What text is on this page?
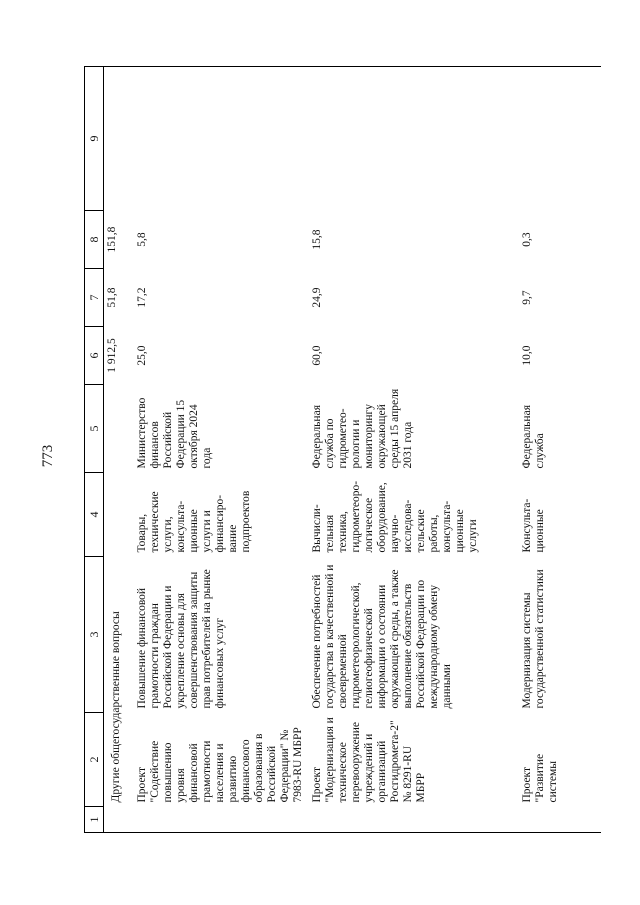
773
1	2	3	4	5	6	7	8	9
	Другие общегосударственные вопросы				1 912,5	51,8	151,8	
	Проект "Содействие повышению уровня финансовой грамотности населения и развитию финансового образования в Российской Федерации" № 7983-RU МБРР	Повышение финансовой грамотности граждан Российской Федерации и укрепление основы для совершенствования защиты прав потребителей на рынке финансовых услуг	Товары, технические услуги, консульта-ционные услуги и финансиро-вание подпроектов	Министерство финансов Российской Федерации 15 октября 2024 года	25,0	17,2	5,8	
	Проект "Модернизация и техническое перевооружение учреждений и организаций Росгидромета-2" № 8291-RU МБРР	Обеспечение потребностей государства в качественной и своевременной гидрометеорологической, гелиогеофизической информации о состоянии окружающей среды, а также выполнение обязательств Российской Федерации по международному обмену данными	Вычисли-тельная техника, гидрометеоро-логическое оборудование, научно-исследова-тельские работы, консульта-ционные услуги	Федеральная служба по гидрометео-рологии и мониторингу окружающей среды 15 апреля 2031 года	60,0	24,9	15,8	
	Проект "Развитие системы	Модернизация системы государственной статистики	Консульта-ционные	Федеральная служба	10,0	9,7	0,3	
